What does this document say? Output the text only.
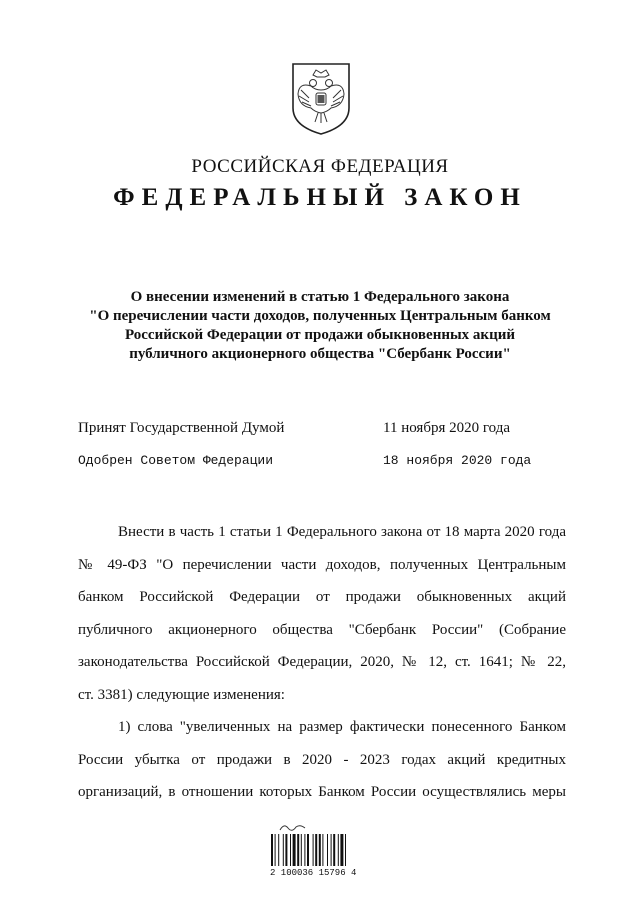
РОССИЙСКАЯ ФЕДЕРАЦИЯ
ФЕДЕРАЛЬНЫЙ ЗАКОН
О внесении изменений в статью 1 Федерального закона
"О перечислении части доходов, полученных Центральным банком
Российской Федерации от продажи обыкновенных акций
публичного акционерного общества "Сбербанк России"
Принят Государственной Думой	11 ноября 2020 года
Одобрен Советом Федерации	18 ноября 2020 года
Внести в часть 1 статьи 1 Федерального закона от 18 марта 2020 года
№ 49-ФЗ "О перечислении части доходов, полученных Центральным
банком Российской Федерации от продажи обыкновенных акций
публичного акционерного общества "Сбербанк России" (Собрание
законодательства Российской Федерации, 2020, № 12, ст. 1641; № 22,
ст. 3381) следующие изменения:
1) слова "увеличенных на размер фактически понесенного Банком
России убытка от продажи в 2020 - 2023 годах акций кредитных
организаций, в отношении которых Банком России осуществлялись меры
2 100036 15796 4
